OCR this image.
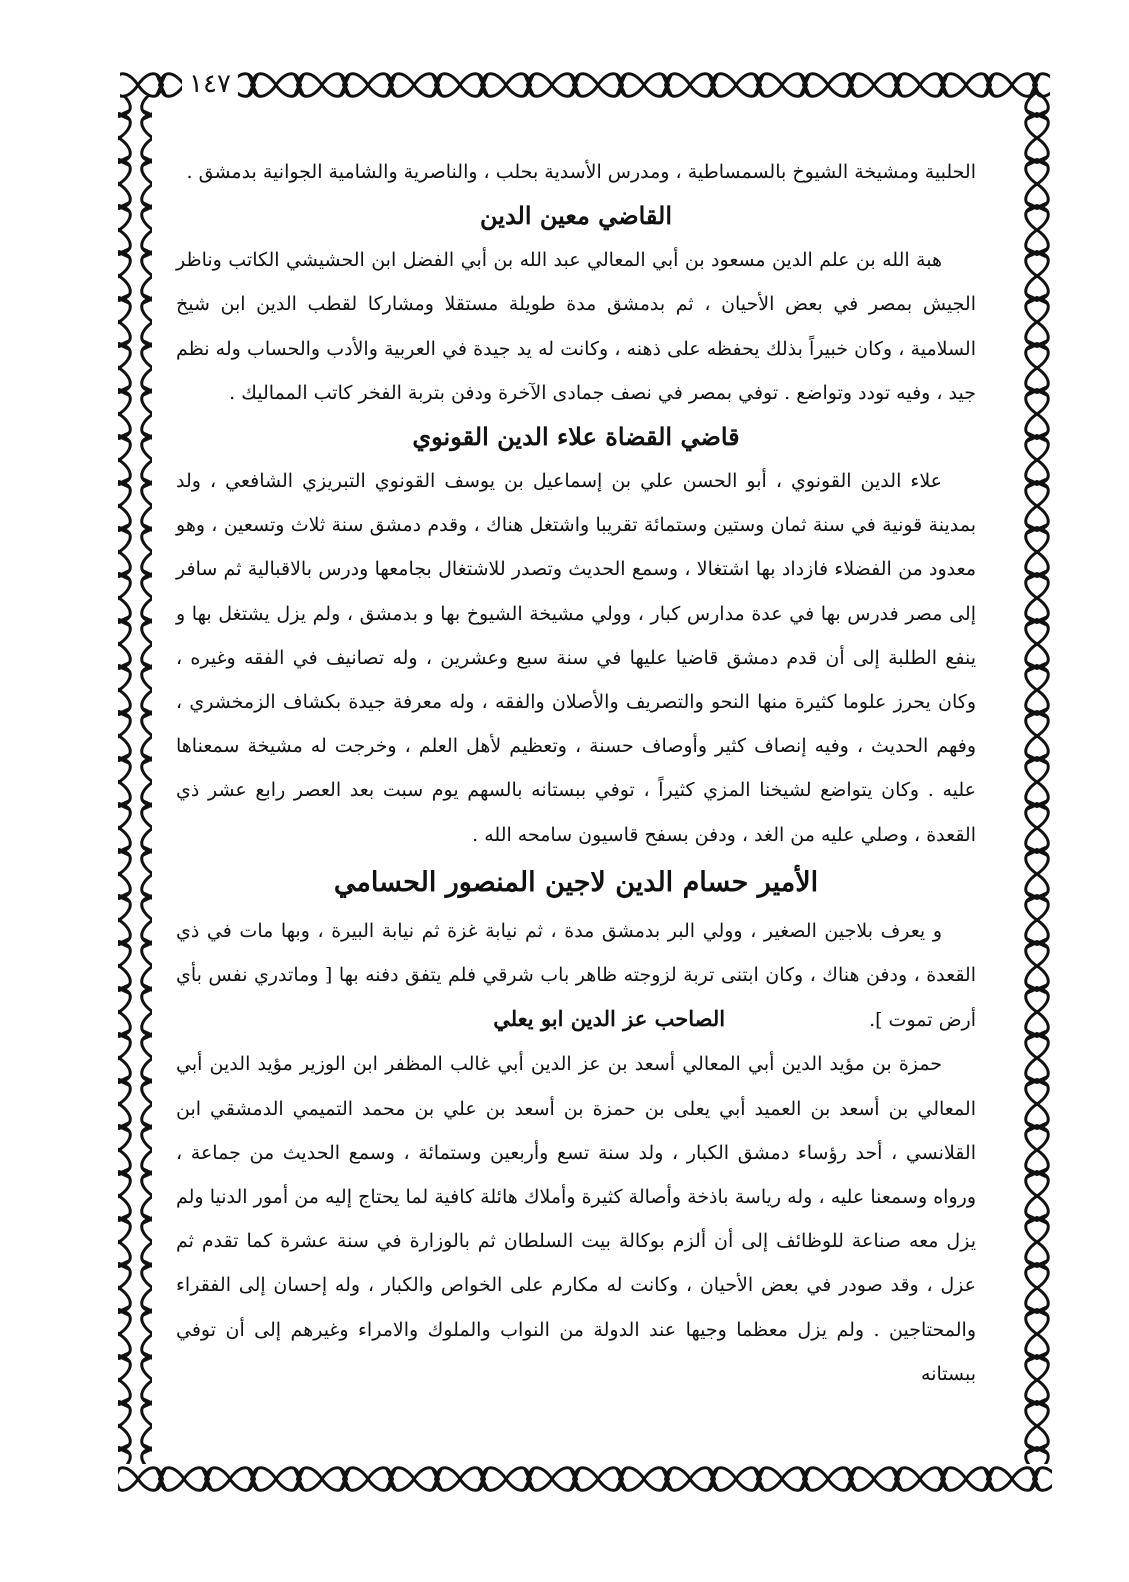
١٤٧

الحلبية ومشيخة الشيوخ بالسمساطية ، ومدرس الأسدية بحلب ، والناصرية والشامية الجوانية بدمشق .

القاضي معين الدين

هبة الله بن علم الدين مسعود بن أبي المعالي عبد الله بن أبي الفضل ابن الحشيشي الكاتب وناظر الجيش بمصر في بعض الأحيان ، ثم بدمشق مدة طويلة مستقلا ومشاركا لقطب الدين ابن شيخ السلامية ، وكان خبيراً بذلك يحفظه على ذهنه ، وكانت له يد جيدة في العربية والأدب والحساب وله نظم جيد ، وفيه تودد وتواضع . توفي بمصر في نصف جمادى الآخرة ودفن بتربة الفخر كاتب المماليك .

قاضي القضاة علاء الدين القونوي

علاء الدين القونوي ، أبو الحسن علي بن إسماعيل بن يوسف القونوي التبريزي الشافعي ، ولد بمدينة قونية في سنة ثمان وستين وستمائة تقريبا واشتغل هناك ، وقدم دمشق سنة ثلاث وتسعين ، وهو معدود من الفضلاء فازداد بها اشتغالا ، وسمع الحديث وتصدر للاشتغال بجامعها ودرس بالاقبالية ثم سافر إلى مصر فدرس بها في عدة مدارس كبار ، وولي مشيخة الشيوخ بها و بدمشق ، ولم يزل يشتغل بها و ينفع الطلبة إلى أن قدم دمشق قاضيا عليها في سنة سبع وعشرين ، وله تصانيف في الفقه وغيره ، وكان يحرز علوما كثيرة منها النحو والتصريف والأصلان والفقه ، وله معرفة جيدة بكشاف الزمخشري ، وفهم الحديث ، وفيه إنصاف كثير وأوصاف حسنة ، وتعظيم لأهل العلم ، وخرجت له مشيخة سمعناها عليه . وكان يتواضع لشيخنا المزي كثيراً ، توفي ببستانه بالسهم يوم سبت بعد العصر رابع عشر ذي القعدة ، وصلي عليه من الغد ، ودفن بسفح قاسيون سامحه الله .

الأمير حسام الدين لاجين المنصور الحسامي

و يعرف بلاجين الصغير ، وولي البر بدمشق مدة ، ثم نيابة غزة ثم نيابة البيرة ، وبها مات في ذي القعدة ، ودفن هناك ، وكان ابتنى تربة لزوجته ظاهر باب شرقي فلم يتفق دفنه بها [ وماتدري نفس بأي أرض تموت ].الصاحب عز الدين ابو يعلي

حمزة بن مؤيد الدين أبي المعالي أسعد بن عز الدين أبي غالب المظفر ابن الوزير مؤيد الدين أبي المعالي بن أسعد بن العميد أبي يعلى بن حمزة بن أسعد بن علي بن محمد التميمي الدمشقي ابن القلانسي ، أحد رؤساء دمشق الكبار ، ولد سنة تسع وأربعين وستمائة ، وسمع الحديث من جماعة ، ورواه وسمعنا عليه ، وله رياسة باذخة وأصالة كثيرة وأملاك هائلة كافية لما يحتاج إليه من أمور الدنيا ولم يزل معه صناعة للوظائف إلى أن ألزم بوكالة بيت السلطان ثم بالوزارة في سنة عشرة كما تقدم ثم عزل ، وقد صودر في بعض الأحيان ، وكانت له مكارم على الخواص والكبار ، وله إحسان إلى الفقراء والمحتاجين . ولم يزل معظما وجيها عند الدولة من النواب والملوك والامراء وغيرهم إلى أن توفي ببستانه
